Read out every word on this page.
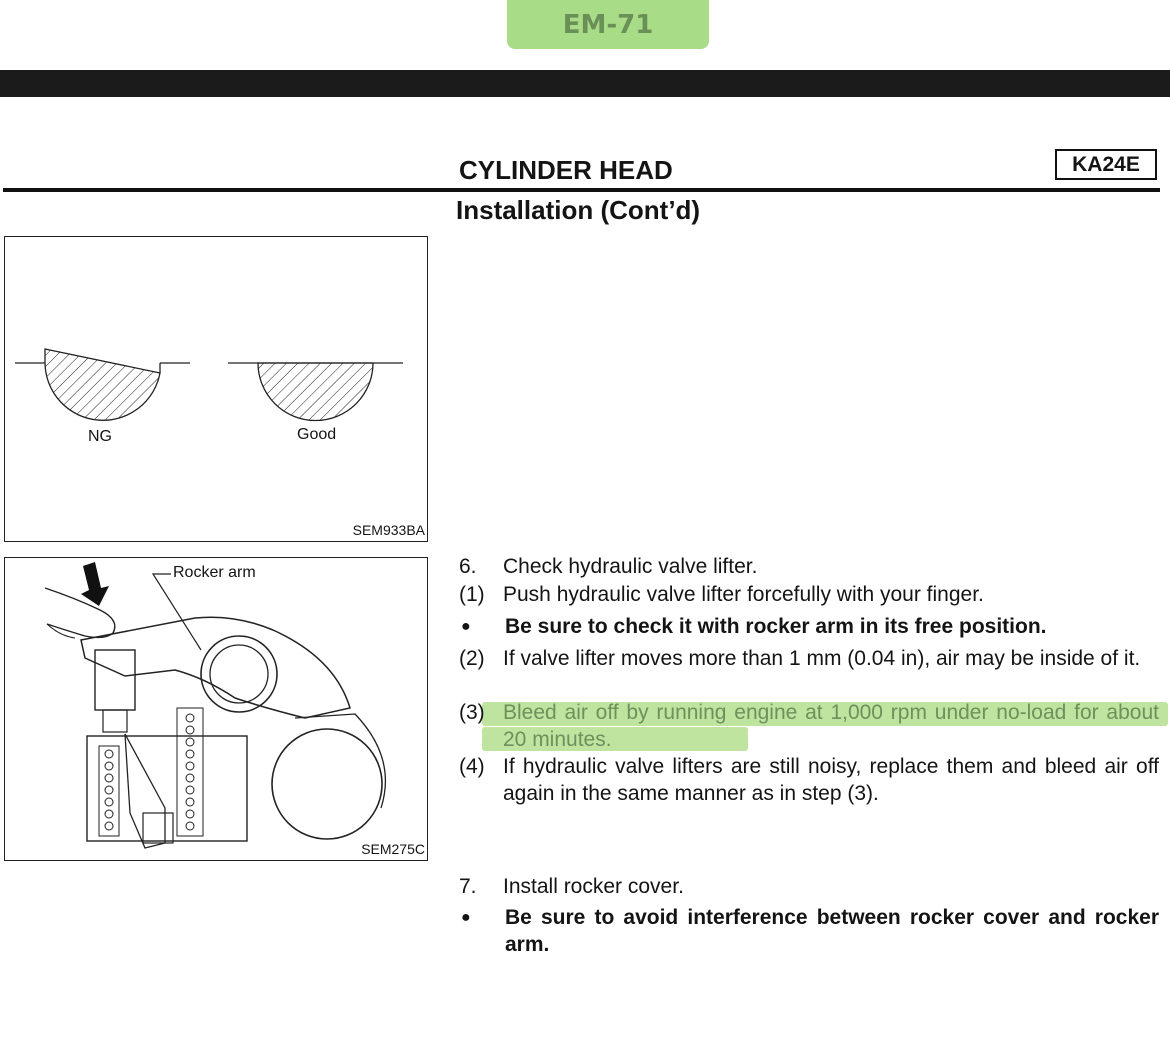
EM-71
CYLINDER HEAD	KA24E
Installation (Cont’d)
NG	Good
SEM933BA
Rocker arm
SEM275C
6.	Check hydraulic valve lifter.
(1) Push hydraulic valve lifter forcefully with your finger.
●	Be sure to check it with rocker arm in its free position.
(2) If valve lifter moves more than 1 mm (0.04 in), air may be inside of it.
(3) Bleed air off by running engine at 1,000 rpm under no-load for about 20 minutes.
(4) If hydraulic valve lifters are still noisy, replace them and bleed air off again in the same manner as in step (3).
7.	Install rocker cover.
●	Be sure to avoid interference between rocker cover and rocker arm.
